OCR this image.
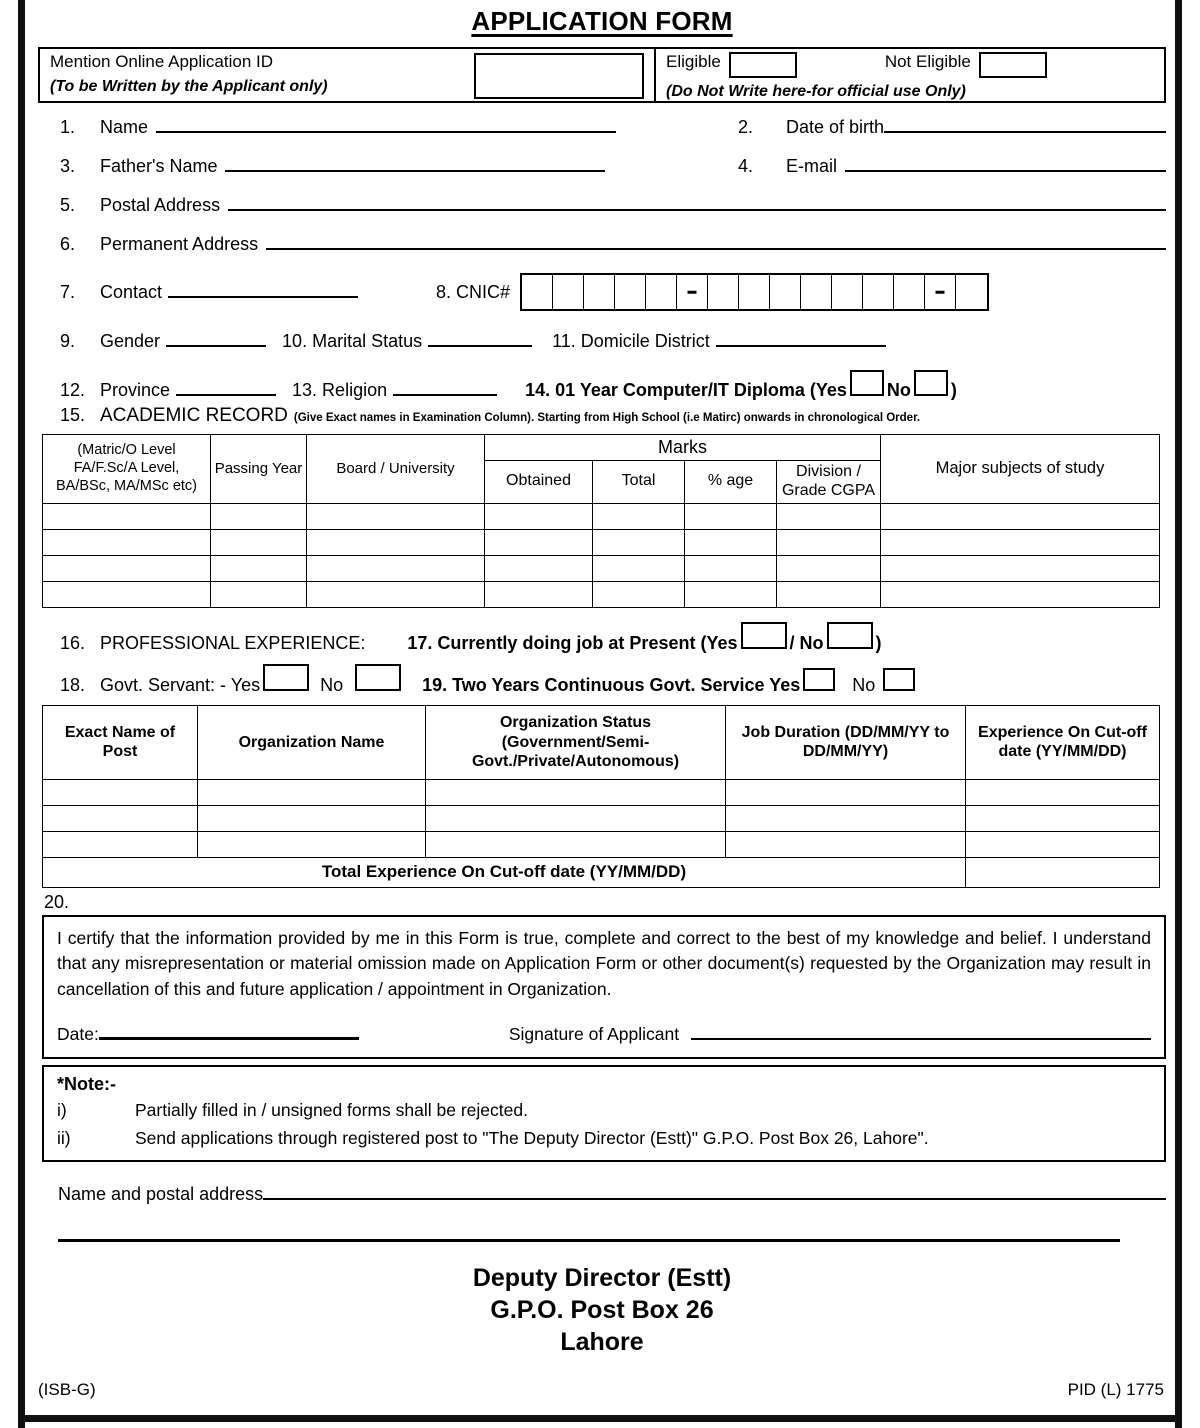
APPLICATION FORM
Mention Online Application ID
(To be Written by the Applicant only)
Eligible	Not Eligible
(Do Not Write here-for official use Only)
1.	Name	2.	Date of birth
3.	Father's Name	4.	E-mail
5.	Postal Address
6.	Permanent Address
7.	Contact	8. CNIC#
9.	Gender	10. Marital Status	11. Domicile District
12. Province	13. Religion	14. 01 Year Computer/IT Diploma (Yes No )
15. ACADEMIC RECORD (Give Exact names in Examination Column). Starting from High School (i.e Matirc) onwards in chronological Order.
(Matric/O Level FA/F.Sc/A Level, BA/BSc, MA/MSc etc)	Passing Year	Board / University	Marks				Major subjects of study
			Obtained	Total	% age	Division / Grade CGPA	

16. PROFESSIONAL EXPERIENCE: 17. Currently doing job at Present (Yes	/ No	)
18. Govt. Servant: - Yes	No	19. Two Years Continuous Govt. Service Yes	No
Exact Name of Post	Organization Name	Organization Status (Government/Semi-Govt./Private/Autonomous)	Job Duration (DD/MM/YY to DD/MM/YY)	Experience On Cut-off date (YY/MM/DD)

Total Experience On Cut-off date (YY/MM/DD)				
20.
I certify that the information provided by me in this Form is true, complete and correct to the best of my knowledge and belief. I understand that any misrepresentation or material omission made on Application Form or other document(s) requested by the Organization may result in cancellation of this and future application / appointment in Organization.
Date:	Signature of Applicant
*Note:-
i)	Partially filled in / unsigned forms shall be rejected.
ii)	Send applications through registered post to "The Deputy Director (Estt)" G.P.O. Post Box 26, Lahore".
Name and postal address
Deputy Director (Estt)
G.P.O. Post Box 26
Lahore
(ISB-G)	PID (L) 1775
